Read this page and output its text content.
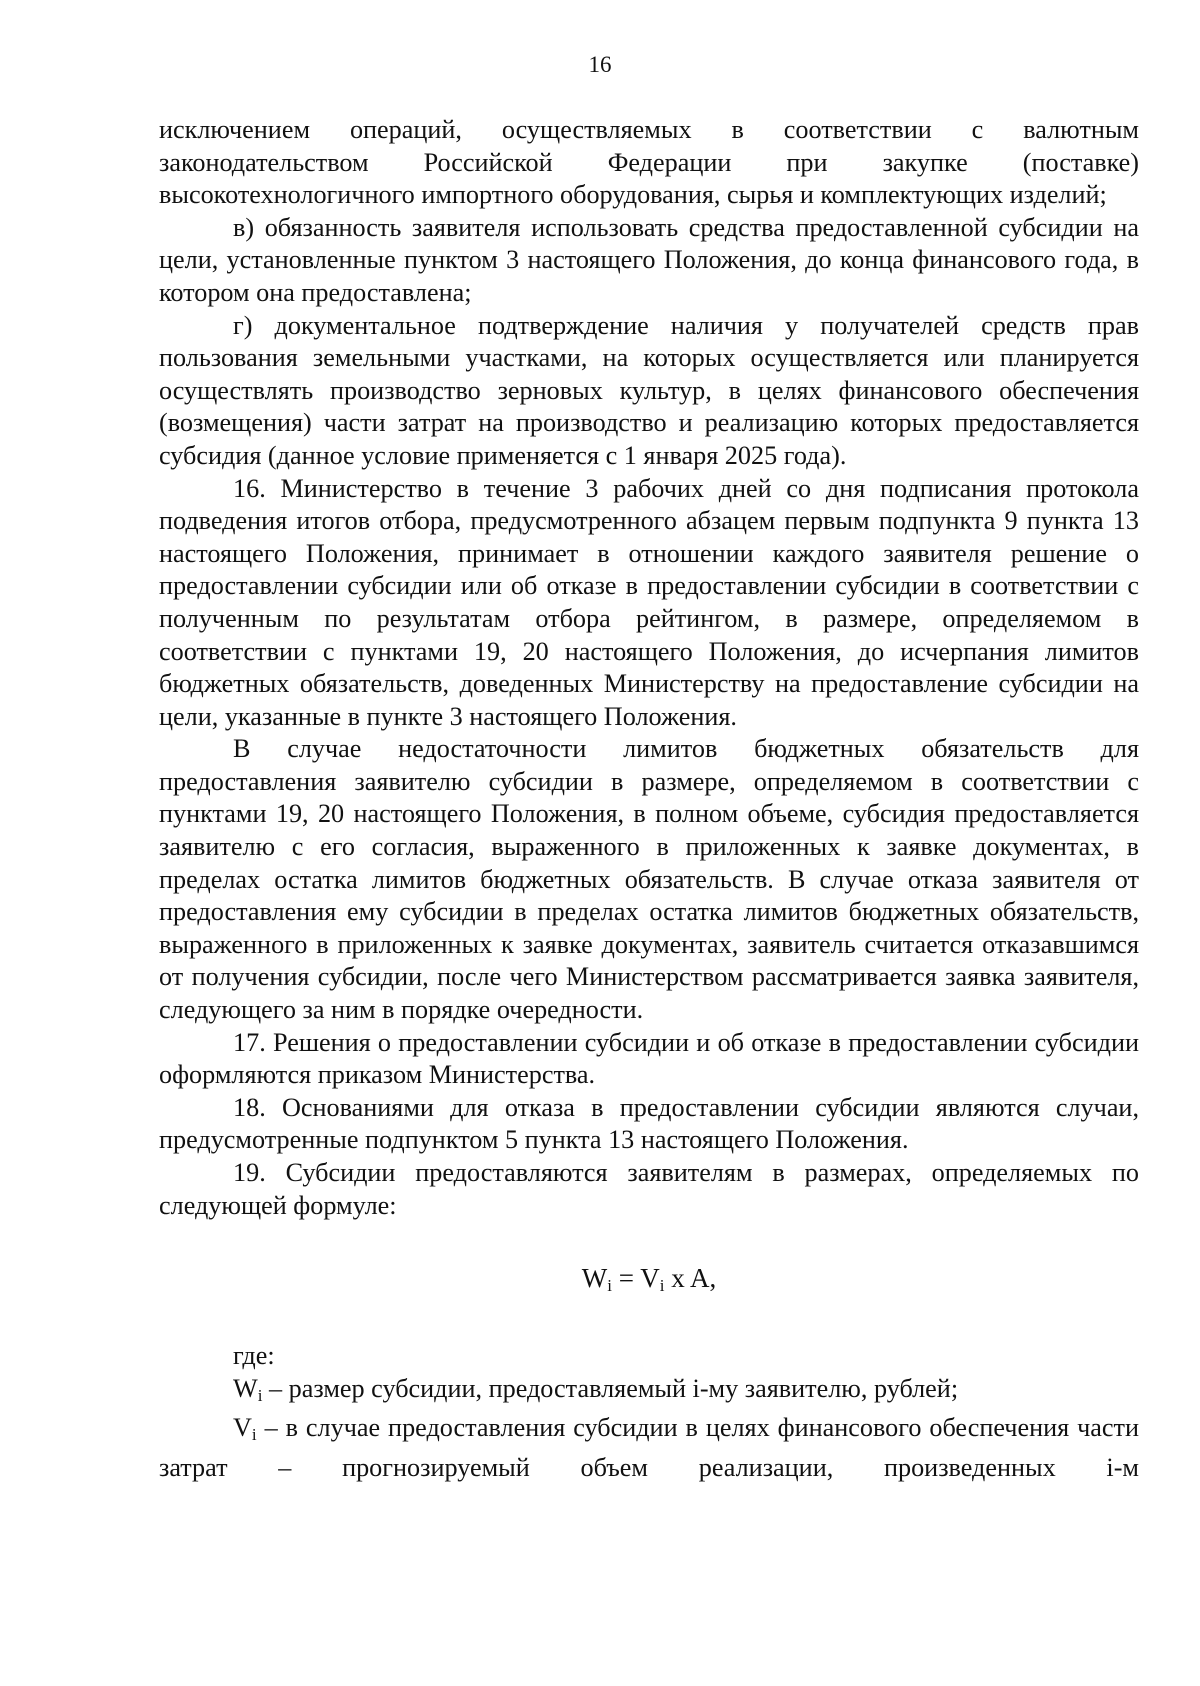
16

исключением операций, осуществляемых в соответствии с валютным законодательством Российской Федерации при закупке (поставке) высокотехнологичного импортного оборудования, сырья и комплектующих изделий;

в) обязанность заявителя использовать средства предоставленной субсидии на цели, установленные пунктом 3 настоящего Положения, до конца финансового года, в котором она предоставлена;

г) документальное подтверждение наличия у получателей средств прав пользования земельными участками, на которых осуществляется или планируется осуществлять производство зерновых культур, в целях финансового обеспечения (возмещения) части затрат на производство и реализацию которых предоставляется субсидия (данное условие применяется с 1 января 2025 года).

16. Министерство в течение 3 рабочих дней со дня подписания протокола подведения итогов отбора, предусмотренного абзацем первым подпункта 9 пункта 13 настоящего Положения, принимает в отношении каждого заявителя решение о предоставлении субсидии или об отказе в предоставлении субсидии в соответствии с полученным по результатам отбора рейтингом, в размере, определяемом в соответствии с пунктами 19, 20 настоящего Положения, до исчерпания лимитов бюджетных обязательств, доведенных Министерству на предоставление субсидии на цели, указанные в пункте 3 настоящего Положения.

В случае недостаточности лимитов бюджетных обязательств для предоставления заявителю субсидии в размере, определяемом в соответствии с пунктами 19, 20 настоящего Положения, в полном объеме, субсидия предоставляется заявителю с его согласия, выраженного в приложенных к заявке документах, в пределах остатка лимитов бюджетных обязательств. В случае отказа заявителя от предоставления ему субсидии в пределах остатка лимитов бюджетных обязательств, выраженного в приложенных к заявке документах, заявитель считается отказавшимся от получения субсидии, после чего Министерством рассматривается заявка заявителя, следующего за ним в порядке очередности.

17. Решения о предоставлении субсидии и об отказе в предоставлении субсидии оформляются приказом Министерства.

18. Основаниями для отказа в предоставлении субсидии являются случаи, предусмотренные подпунктом 5 пункта 13 настоящего Положения.

19. Субсидии предоставляются заявителям в размерах, определяемых по следующей формуле:

$W_i = V_i$ x A,

где:

$W_i$ – размер субсидии, предоставляемый i-му заявителю, рублей;

$V_i$ – в случае предоставления субсидии в целях финансового обеспечения части затрат – прогнозируемый объем реализации, произведенных i-м
